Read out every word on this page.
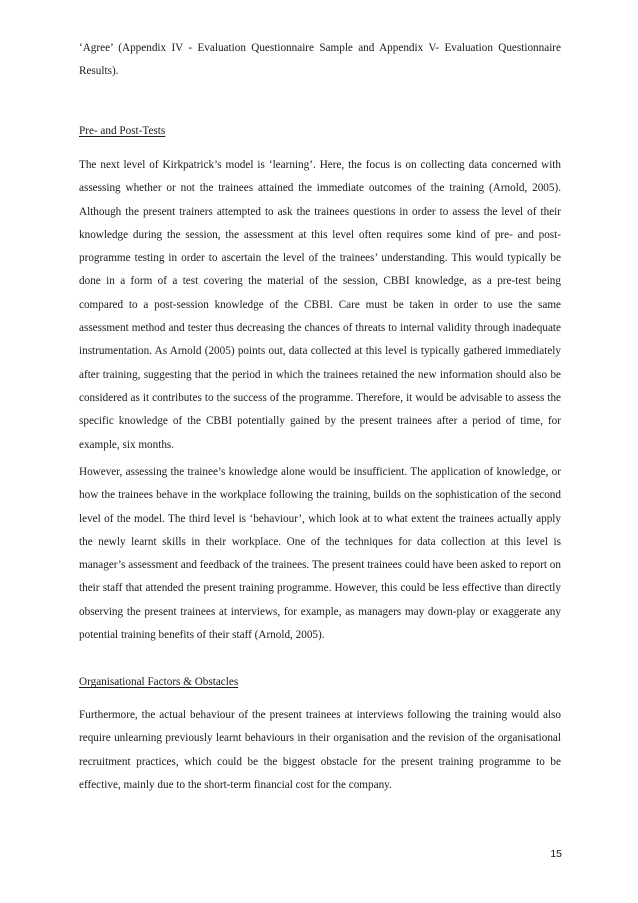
‘Agree’ (Appendix IV - Evaluation Questionnaire Sample and Appendix V- Evaluation Questionnaire Results).

Pre- and Post-Tests

The next level of Kirkpatrick’s model is ‘learning’. Here, the focus is on collecting data concerned with assessing whether or not the trainees attained the immediate outcomes of the training (Arnold, 2005). Although the present trainers attempted to ask the trainees questions in order to assess the level of their knowledge during the session, the assessment at this level often requires some kind of pre- and post-programme testing in order to ascertain the level of the trainees’ understanding. This would typically be done in a form of a test covering the material of the session, CBBI knowledge, as a pre-test being compared to a post-session knowledge of the CBBI. Care must be taken in order to use the same assessment method and tester thus decreasing the chances of threats to internal validity through inadequate instrumentation. As Arnold (2005) points out, data collected at this level is typically gathered immediately after training, suggesting that the period in which the trainees retained the new information should also be considered as it contributes to the success of the programme. Therefore, it would be advisable to assess the specific knowledge of the CBBI potentially gained by the present trainees after a period of time, for example, six months.

However, assessing the trainee’s knowledge alone would be insufficient. The application of knowledge, or how the trainees behave in the workplace following the training, builds on the sophistication of the second level of the model. The third level is ‘behaviour’, which look at to what extent the trainees actually apply the newly learnt skills in their workplace. One of the techniques for data collection at this level is manager’s assessment and feedback of the trainees. The present trainees could have been asked to report on their staff that attended the present training programme. However, this could be less effective than directly observing the present trainees at interviews, for example, as managers may down-play or exaggerate any potential training benefits of their staff (Arnold, 2005).

Organisational Factors & Obstacles

Furthermore, the actual behaviour of the present trainees at interviews following the training would also require unlearning previously learnt behaviours in their organisation and the revision of the organisational recruitment practices, which could be the biggest obstacle for the present training programme to be effective, mainly due to the short-term financial cost for the company.

15
